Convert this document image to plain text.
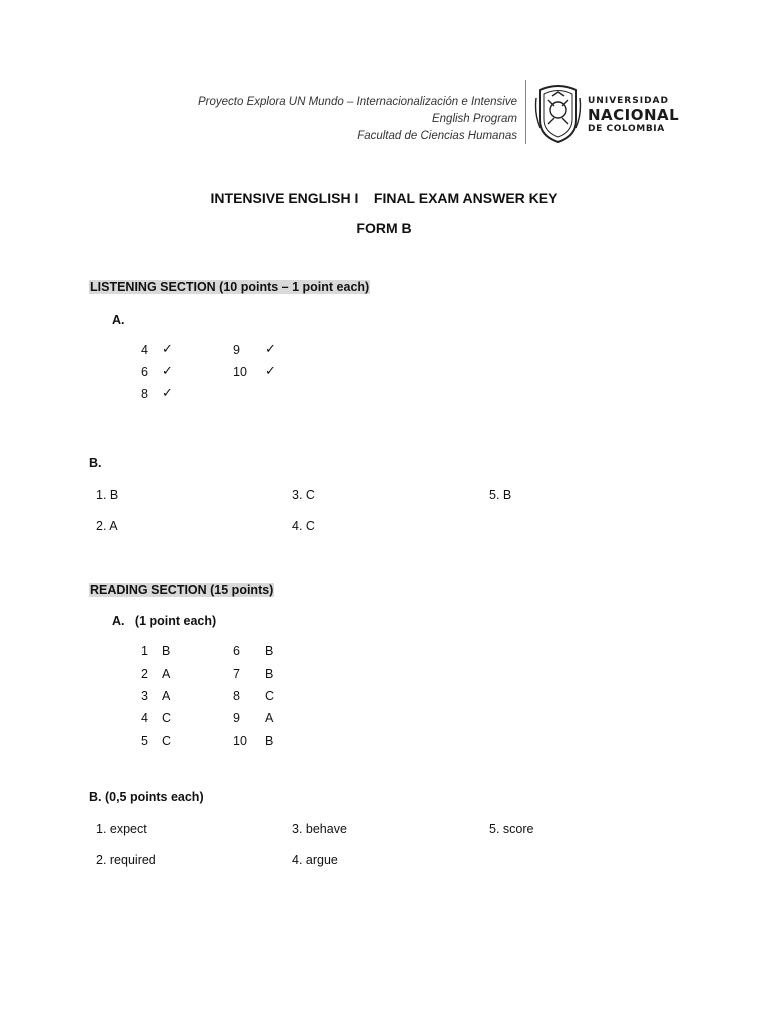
Proyecto Explora UN Mundo – Internacionalización e Intensive
English Program
Facultad de Ciencias Humanas
UNIVERSIDAD
NACIONAL
DE COLOMBIA
INTENSIVE ENGLISH I    FINAL EXAM ANSWER KEY
FORM B
LISTENING SECTION (10 points – 1 point each)
A.
4 ✓
6 ✓
8 ✓
9 ✓
10 ✓
B.
1. B
2. A
3. C
4. C
5. B
READING SECTION (15 points)
A.   (1 point each)
1 B
2 A
3 A
4 C
5 C
6 B
7 B
8 C
9 A
10 B
B. (0,5 points each)
1. expect
2. required
3. behave
4. argue
5. score
